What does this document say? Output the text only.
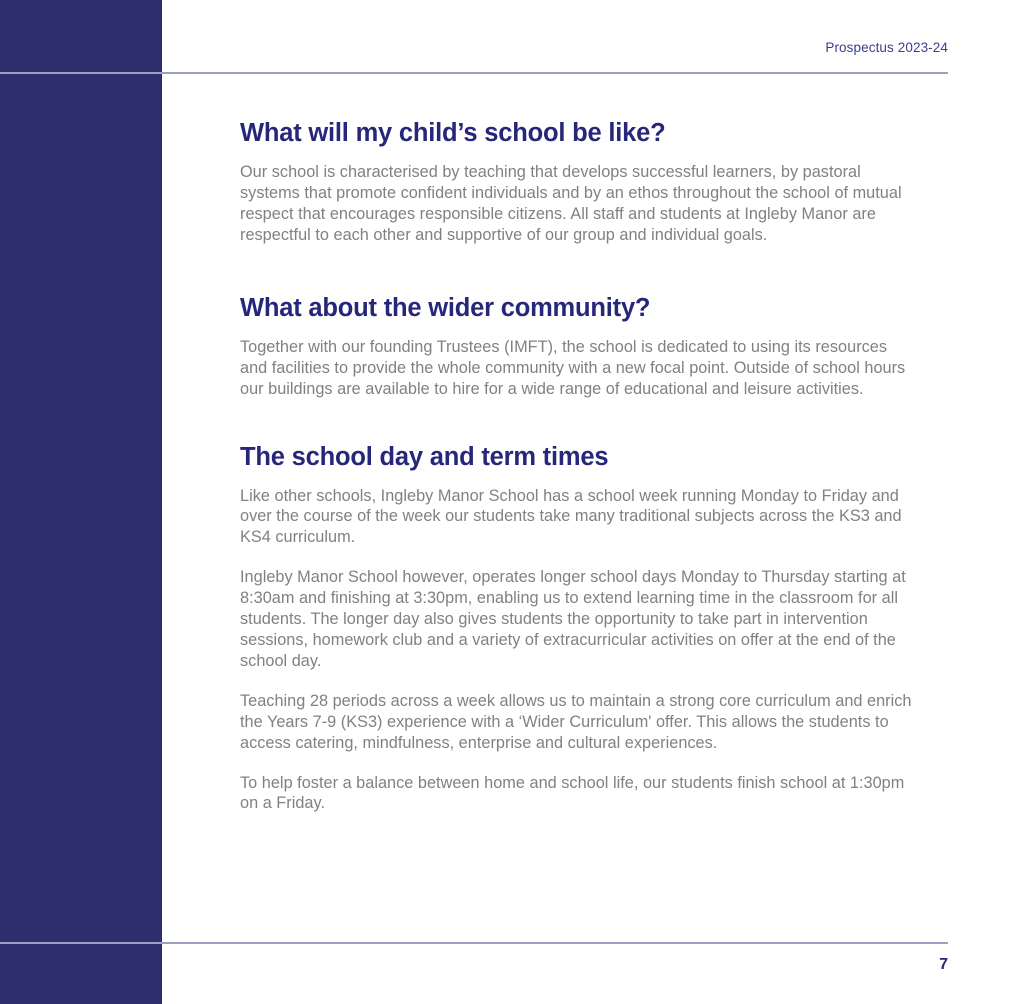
Prospectus 2023-24
What will my child’s school be like?

Our school is characterised by teaching that develops successful learners, by pastoral systems that promote confident individuals and by an ethos throughout the school of mutual respect that encourages responsible citizens. All staff and students at Ingleby Manor are respectful to each other and supportive of our group and individual goals.

What about the wider community?

Together with our founding Trustees (IMFT), the school is dedicated to using its resources and facilities to provide the whole community with a new focal point. Outside of school hours our buildings are available to hire for a wide range of educational and leisure activities.

The school day and term times

Like other schools, Ingleby Manor School has a school week running Monday to Friday and over the course of the week our students take many traditional subjects across the KS3 and KS4 curriculum.

Ingleby Manor School however, operates longer school days Monday to Thursday starting at 8:30am and finishing at 3:30pm, enabling us to extend learning time in the classroom for all students. The longer day also gives students the opportunity to take part in intervention sessions, homework club and a variety of extracurricular activities on offer at the end of the school day.

Teaching 28 periods across a week allows us to maintain a strong core curriculum and enrich the Years 7-9 (KS3) experience with a ‘Wider Curriculum' offer. This allows the students to access catering, mindfulness, enterprise and cultural experiences.

To help foster a balance between home and school life, our students finish school at 1:30pm on a Friday.

7
